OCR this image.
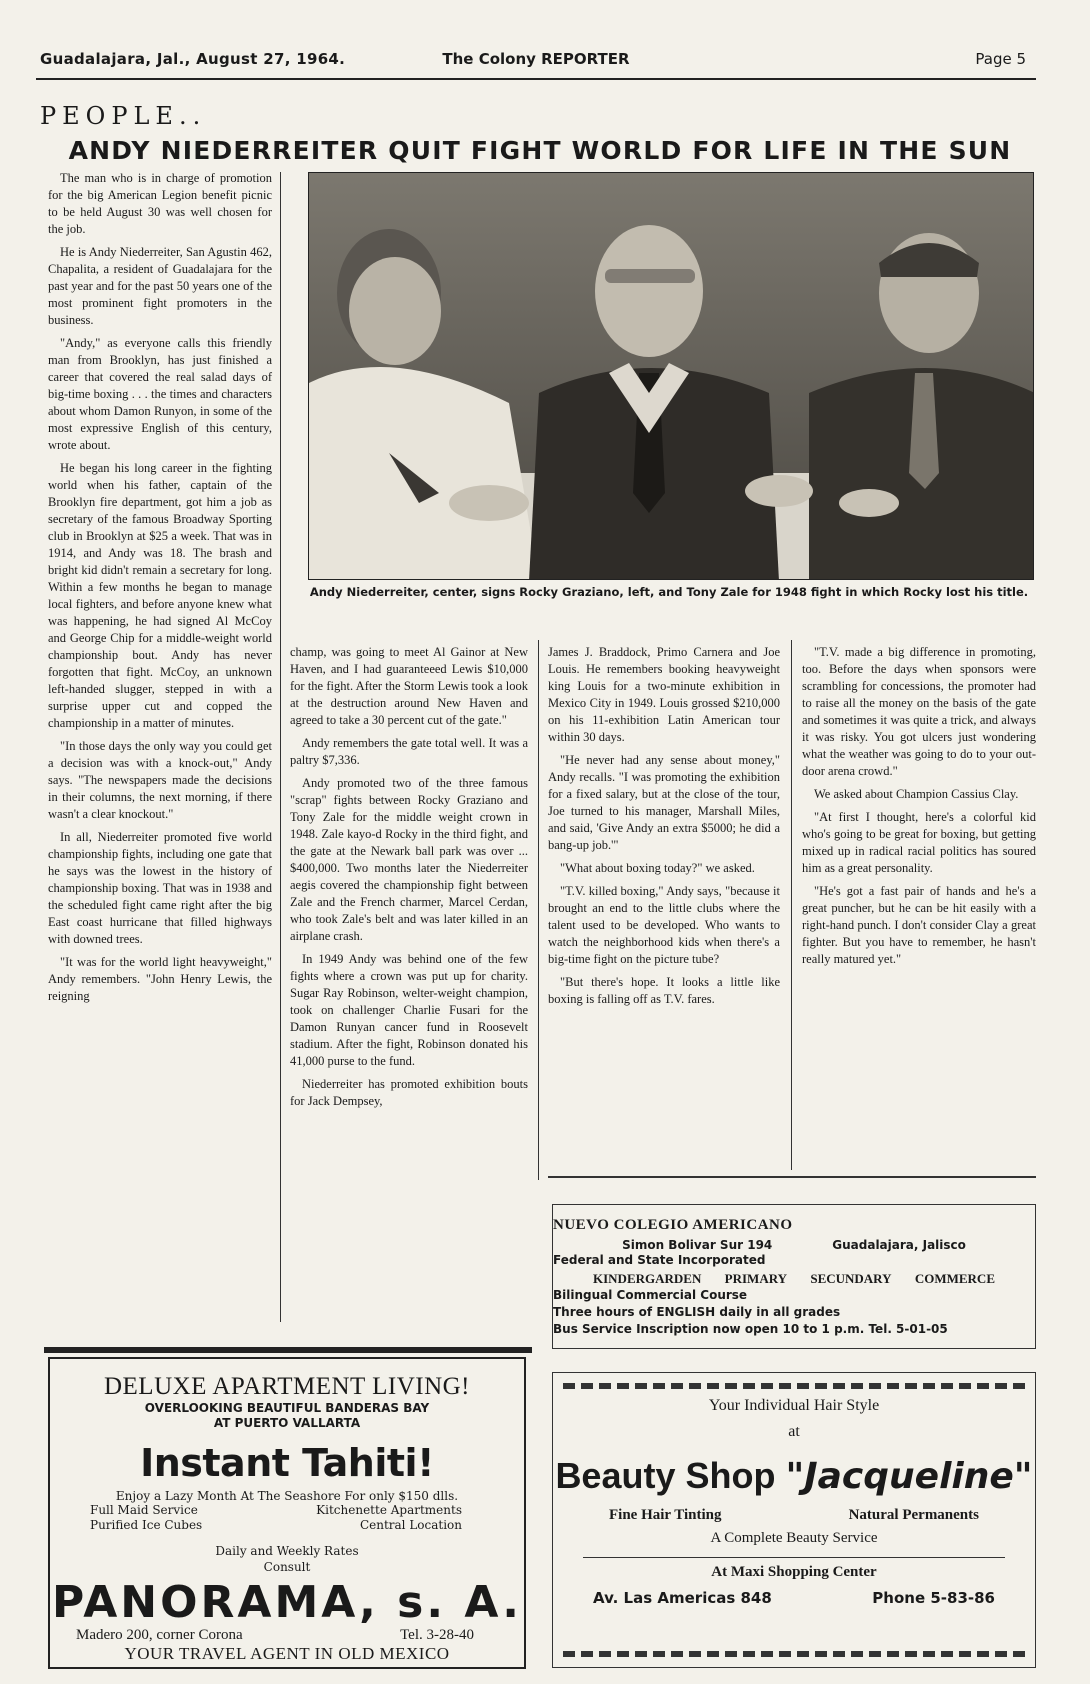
Guadalajara, Jal., August 27, 1964.	The Colony REPORTER	Page 5
PEOPLE..
ANDY NIEDERREITER QUIT FIGHT WORLD FOR LIFE IN THE SUN

The man who is in charge of promotion for the big American Legion benefit picnic to be held August 30 was well chosen for the job.

He is Andy Niederreiter, San Agustin 462, Chapalita, a resident of Guadalajara for the past year and for the past 50 years one of the most prominent fight promoters in the business.

"Andy," as everyone calls this friendly man from Brooklyn, has just finished a career that covered the real salad days of big-time boxing . . . the times and characters about whom Damon Runyon, in some of the most expressive English of this century, wrote about.

He began his long career in the fighting world when his father, captain of the Brooklyn fire department, got him a job as secretary of the famous Broadway Sporting club in Brooklyn at $25 a week. That was in 1914, and Andy was 18. The brash and bright kid didn't remain a secretary for long. Within a few months he began to manage local fighters, and before anyone knew what was happening, he had signed Al McCoy and George Chip for a middle-weight world championship bout. Andy has never forgotten that fight. McCoy, an unknown left-handed slugger, stepped in with a surprise upper cut and copped the championship in a matter of minutes.

"In those days the only way you could get a decision was with a knock-out," Andy says. "The newspapers made the decisions in their columns, the next morning, if there wasn't a clear knockout."

In all, Niederreiter promoted five world championship fights, including one gate that he says was the lowest in the history of championship boxing. That was in 1938 and the scheduled fight came right after the big East coast hurricane that filled highways with downed trees.

"It was for the world light heavyweight," Andy remembers. "John Henry Lewis, the reigning

Andy Niederreiter, center, signs Rocky Graziano, left, and Tony Zale for 1948 fight in which Rocky lost his title.

champ, was going to meet Al Gainor at New Haven, and I had guaranteeed Lewis $10,000 for the fight. After the Storm Lewis took a look at the destruction around New Haven and agreed to take a 30 percent cut of the gate."

Andy remembers the gate total well. It was a paltry $7,336.

Andy promoted two of the three famous "scrap" fights between Rocky Graziano and Tony Zale for the middle weight crown in 1948. Zale kayo-d Rocky in the third fight, and the gate at the Newark ball park was over ... $400,000. Two months later the Niederreiter aegis covered the championship fight between Zale and the French charmer, Marcel Cerdan, who took Zale's belt and was later killed in an airplane crash.

In 1949 Andy was behind one of the few fights where a crown was put up for charity. Sugar Ray Robinson, welter-weight champion, took on challenger Charlie Fusari for the Damon Runyan cancer fund in Roosevelt stadium. After the fight, Robinson donated his 41,000 purse to the fund.

Niederreiter has promoted exhibition bouts for Jack Dempsey,

James J. Braddock, Primo Carnera and Joe Louis. He remembers booking heavyweight king Louis for a two-minute exhibition in Mexico City in 1949. Louis grossed $210,000 on his 11-exhibition Latin American tour within 30 days.

"He never had any sense about money," Andy recalls. "I was promoting the exhibition for a fixed salary, but at the close of the tour, Joe turned to his manager, Marshall Miles, and said, 'Give Andy an extra $5000; he did a bang-up job.'"

"What about boxing today?" we asked.

"T.V. killed boxing," Andy says, "because it brought an end to the little clubs where the talent used to be developed. Who wants to watch the neighborhood kids when there's a big-time fight on the picture tube?

"But there's hope. It looks a little like boxing is falling off as T.V. fares.

"T.V. made a big difference in promoting, too. Before the days when sponsors were scrambling for concessions, the promoter had to raise all the money on the basis of the gate and sometimes it was quite a trick, and always it was risky. You got ulcers just wondering what the weather was going to do to your out-door arena crowd."

We asked about Champion Cassius Clay.

"At first I thought, here's a colorful kid who's going to be great for boxing, but getting mixed up in radical racial politics has soured him as a great personality.

"He's got a fast pair of hands and he's a great puncher, but he can be hit easily with a right-hand punch. I don't consider Clay a great fighter. But you have to remember, he hasn't really matured yet."

NUEVO COLEGIO AMERICANO
Simon Bolivar Sur 194	Guadalajara, Jalisco
Federal and State Incorporated
KINDERGARDEN PRIMARY SECUNDARY COMMERCE
Bilingual Commercial Course
Three hours of ENGLISH daily in all grades
Bus Service Inscription now open 10 to 1 p.m. Tel. 5-01-05
DELUXE APARTMENT LIVING!
OVERLOOKING BEAUTIFUL BANDERAS BAY
AT PUERTO VALLARTA
Instant Tahiti!
Enjoy a Lazy Month At The Seashore For only $150 dlls.
Full Maid Service	Kitchenette Apartments
Purified Ice Cubes	Central Location
Daily and Weekly Rates
Consult
PANORAMA, s. A.
Madero 200, corner Corona	Tel. 3-28-40
YOUR TRAVEL AGENT IN OLD MEXICO
Your Individual Hair Style
at
Beauty Shop "Jacqueline"
Fine Hair Tinting	Natural Permanents
A Complete Beauty Service
At Maxi Shopping Center
Av. Las Americas 848	Phone 5-83-86
